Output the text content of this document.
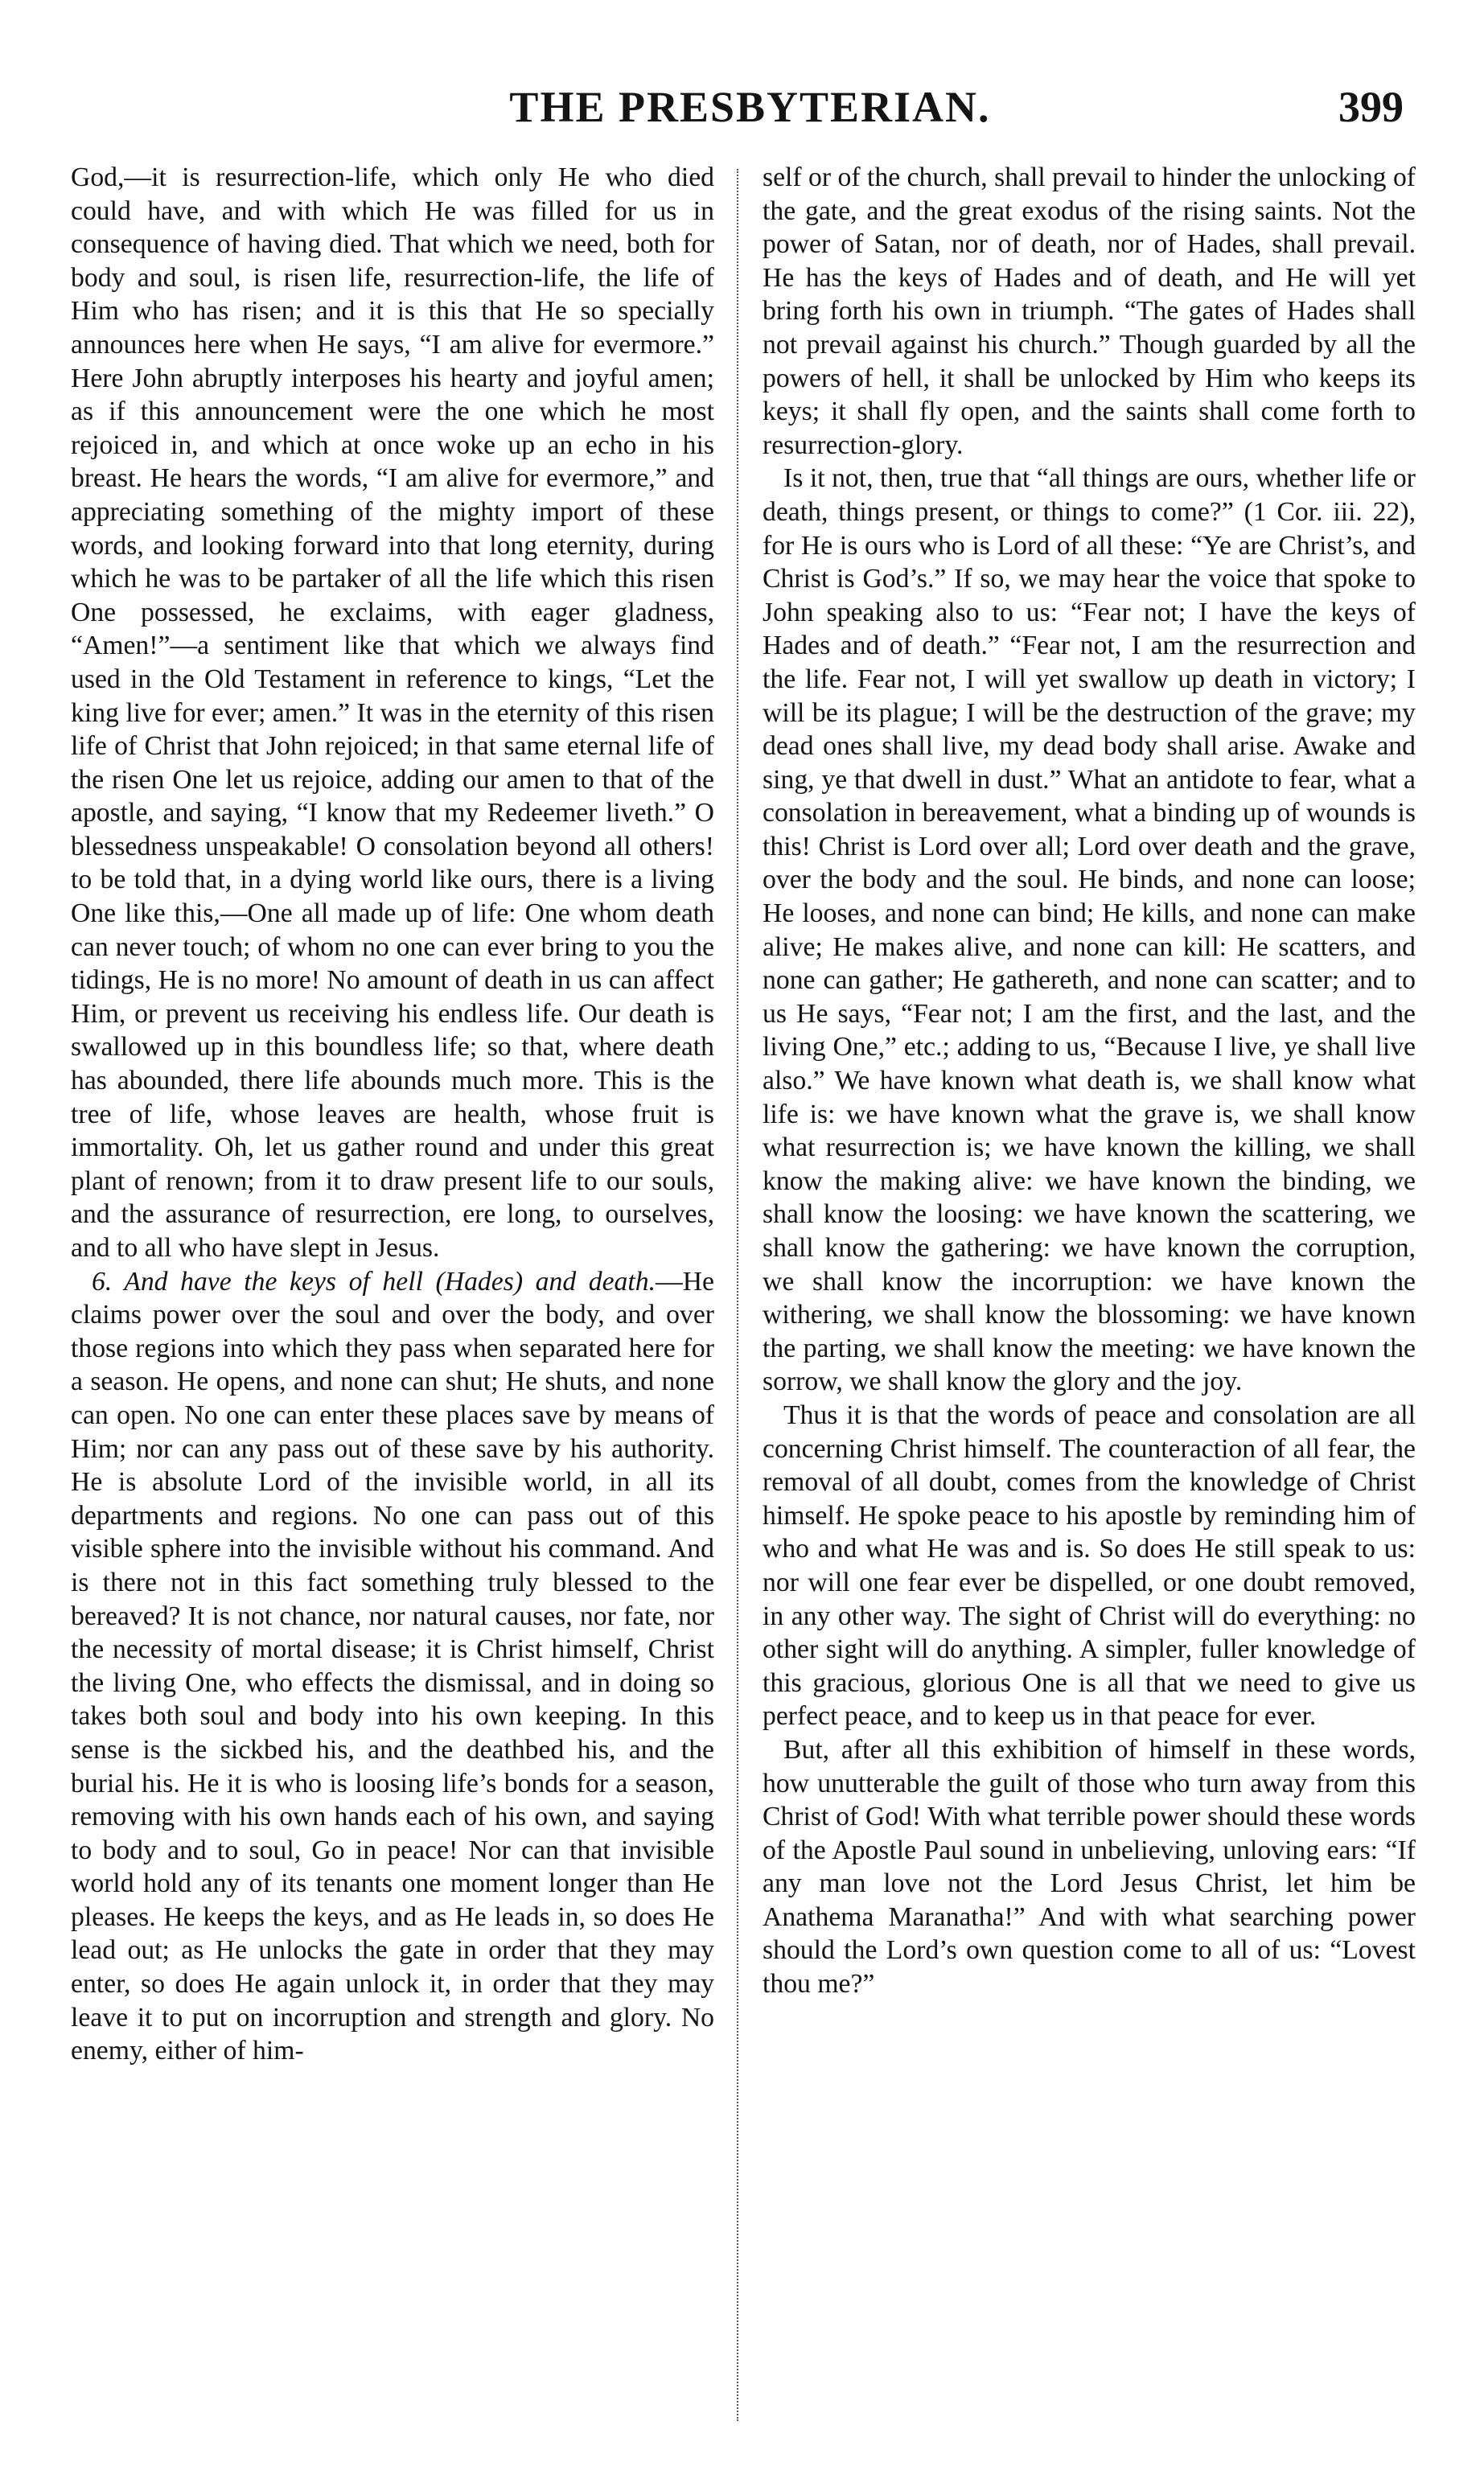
THE PRESBYTERIAN.	399

God,—it is resurrection-life, which only He who died could have, and with which He was filled for us in consequence of having died. That which we need, both for body and soul, is risen life, resurrection-life, the life of Him who has risen; and it is this that He so specially announces here when He says, “I am alive for evermore.” Here John abruptly interposes his hearty and joyful amen; as if this announcement were the one which he most rejoiced in, and which at once woke up an echo in his breast. He hears the words, “I am alive for evermore,” and appreciating something of the mighty import of these words, and looking forward into that long eternity, during which he was to be partaker of all the life which this risen One possessed, he exclaims, with eager gladness, “Amen!”—a sentiment like that which we always find used in the Old Testament in reference to kings, “Let the king live for ever; amen.” It was in the eternity of this risen life of Christ that John rejoiced; in that same eternal life of the risen One let us rejoice, adding our amen to that of the apostle, and saying, “I know that my Redeemer liveth.” O blessedness unspeakable! O consolation beyond all others! to be told that, in a dying world like ours, there is a living One like this,—One all made up of life: One whom death can never touch; of whom no one can ever bring to you the tidings, He is no more! No amount of death in us can affect Him, or prevent us receiving his endless life. Our death is swallowed up in this boundless life; so that, where death has abounded, there life abounds much more. This is the tree of life, whose leaves are health, whose fruit is immortality. Oh, let us gather round and under this great plant of renown; from it to draw present life to our souls, and the assurance of resurrection, ere long, to ourselves, and to all who have slept in Jesus.

6. And have the keys of hell (Hades) and death.—He claims power over the soul and over the body, and over those regions into which they pass when separated here for a season. He opens, and none can shut; He shuts, and none can open. No one can enter these places save by means of Him; nor can any pass out of these save by his authority. He is absolute Lord of the invisible world, in all its departments and regions. No one can pass out of this visible sphere into the invisible without his command. And is there not in this fact something truly blessed to the bereaved? It is not chance, nor natural causes, nor fate, nor the necessity of mortal disease; it is Christ himself, Christ the living One, who effects the dismissal, and in doing so takes both soul and body into his own keeping. In this sense is the sickbed his, and the deathbed his, and the burial his. He it is who is loosing life’s bonds for a season, removing with his own hands each of his own, and saying to body and to soul, Go in peace! Nor can that invisible world hold any of its tenants one moment longer than He pleases. He keeps the keys, and as He leads in, so does He lead out; as He unlocks the gate in order that they may enter, so does He again unlock it, in order that they may leave it to put on incorruption and strength and glory. No enemy, either of him-

self or of the church, shall prevail to hinder the unlocking of the gate, and the great exodus of the rising saints. Not the power of Satan, nor of death, nor of Hades, shall prevail. He has the keys of Hades and of death, and He will yet bring forth his own in triumph. “The gates of Hades shall not prevail against his church.” Though guarded by all the powers of hell, it shall be unlocked by Him who keeps its keys; it shall fly open, and the saints shall come forth to resurrection-glory.

Is it not, then, true that “all things are ours, whether life or death, things present, or things to come?” (1 Cor. iii. 22), for He is ours who is Lord of all these: “Ye are Christ’s, and Christ is God’s.” If so, we may hear the voice that spoke to John speaking also to us: “Fear not; I have the keys of Hades and of death.” “Fear not, I am the resurrection and the life. Fear not, I will yet swallow up death in victory; I will be its plague; I will be the destruction of the grave; my dead ones shall live, my dead body shall arise. Awake and sing, ye that dwell in dust.” What an antidote to fear, what a consolation in bereavement, what a binding up of wounds is this! Christ is Lord over all; Lord over death and the grave, over the body and the soul. He binds, and none can loose; He looses, and none can bind; He kills, and none can make alive; He makes alive, and none can kill: He scatters, and none can gather; He gathereth, and none can scatter; and to us He says, “Fear not; I am the first, and the last, and the living One,” etc.; adding to us, “Because I live, ye shall live also.” We have known what death is, we shall know what life is: we have known what the grave is, we shall know what resurrection is; we have known the killing, we shall know the making alive: we have known the binding, we shall know the loosing: we have known the scattering, we shall know the gathering: we have known the corruption, we shall know the incorruption: we have known the withering, we shall know the blossoming: we have known the parting, we shall know the meeting: we have known the sorrow, we shall know the glory and the joy.

Thus it is that the words of peace and consolation are all concerning Christ himself. The counteraction of all fear, the removal of all doubt, comes from the knowledge of Christ himself. He spoke peace to his apostle by reminding him of who and what He was and is. So does He still speak to us: nor will one fear ever be dispelled, or one doubt removed, in any other way. The sight of Christ will do everything: no other sight will do anything. A simpler, fuller knowledge of this gracious, glorious One is all that we need to give us perfect peace, and to keep us in that peace for ever.

But, after all this exhibition of himself in these words, how unutterable the guilt of those who turn away from this Christ of God! With what terrible power should these words of the Apostle Paul sound in unbelieving, unloving ears: “If any man love not the Lord Jesus Christ, let him be Anathema Maranatha!” And with what searching power should the Lord’s own question come to all of us: “Lovest thou me?”
